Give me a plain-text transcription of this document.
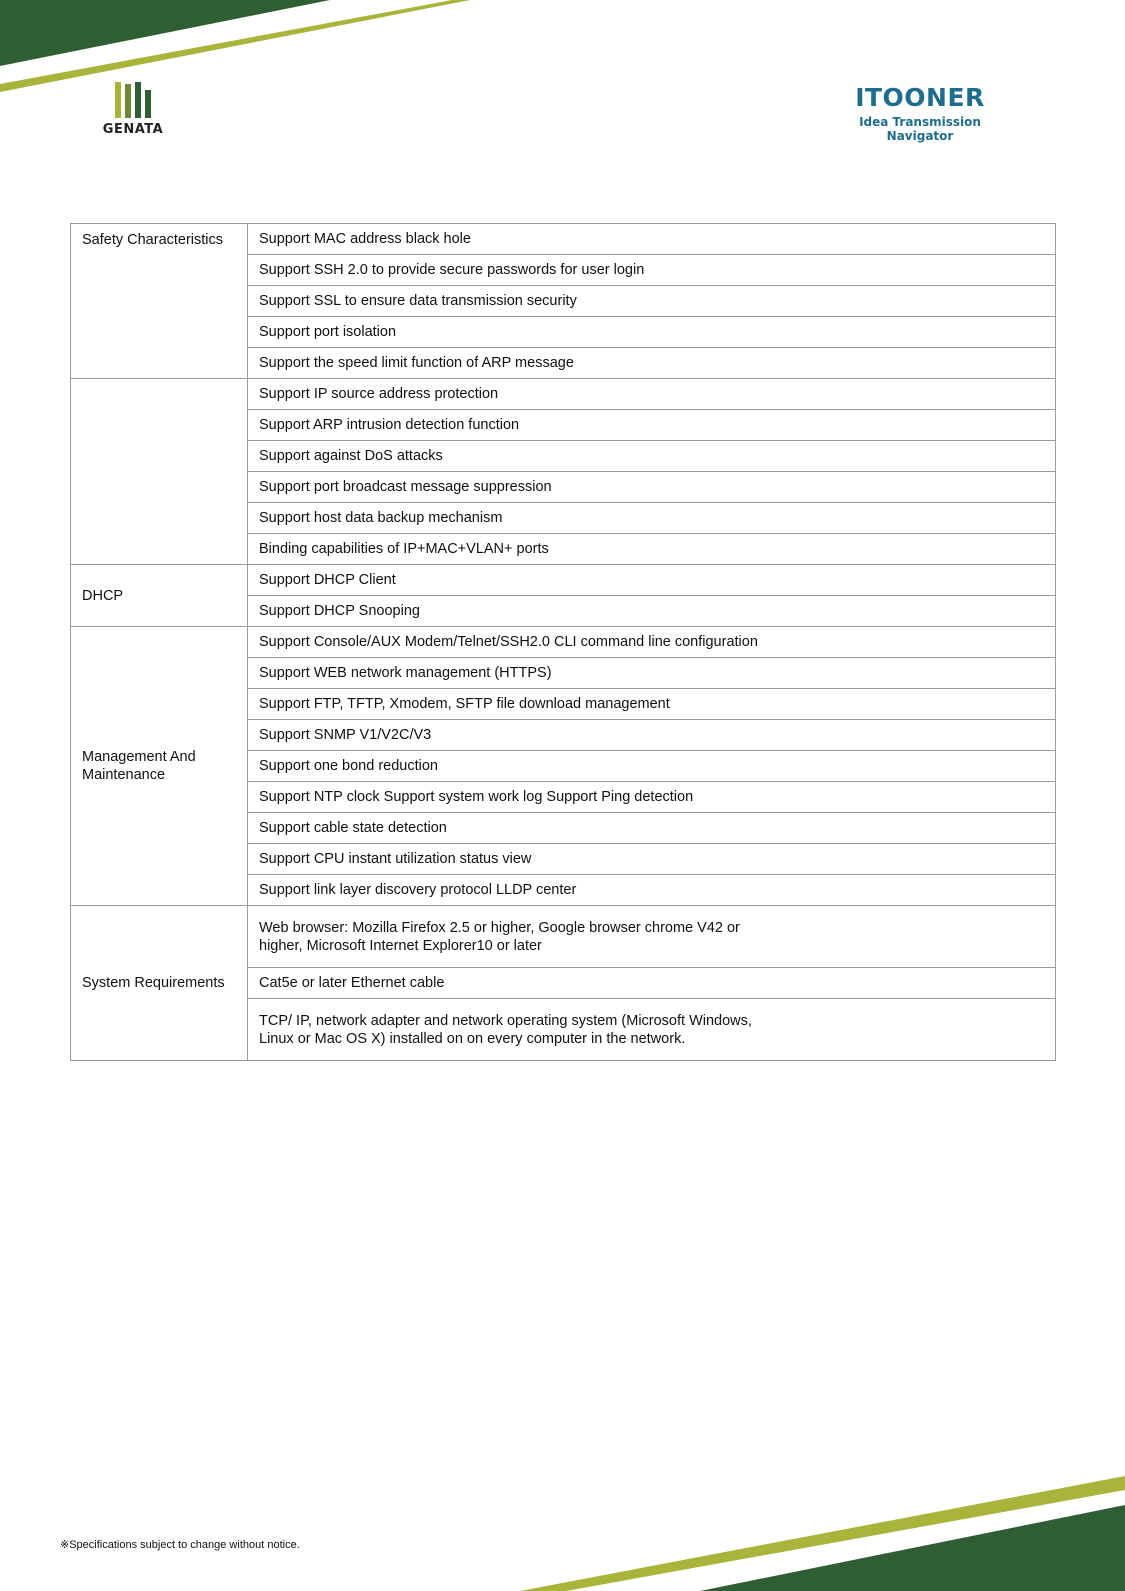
GENATA
ITOONER
Idea Transmission Navigator
Safety Characteristics	Support MAC address black hole
	Support SSH 2.0 to provide secure passwords for user login
	Support SSL to ensure data transmission security
	Support port isolation
	Support the speed limit function of ARP message
	Support IP source address protection
	Support ARP intrusion detection function
	Support against DoS attacks
	Support port broadcast message suppression
	Support host data backup mechanism
	Binding capabilities of IP+MAC+VLAN+ ports
DHCP	Support DHCP Client
	Support DHCP Snooping
Management And Maintenance	Support Console/AUX Modem/Telnet/SSH2.0 CLI command line configuration
	Support WEB network management (HTTPS)
	Support FTP, TFTP, Xmodem, SFTP file download management
	Support SNMP V1/V2C/V3
	Support one bond reduction
	Support NTP clock Support system work log Support Ping detection
	Support cable state detection
	Support CPU instant utilization status view
	Support link layer discovery protocol LLDP center
System Requirements	Web browser: Mozilla Firefox 2.5 or higher, Google browser chrome V42 or higher, Microsoft Internet Explorer10 or later
	Cat5e or later Ethernet cable
	TCP/ IP, network adapter and network operating system (Microsoft Windows, Linux or Mac OS X) installed on on every computer in the network.
※Specifications subject to change without notice.
